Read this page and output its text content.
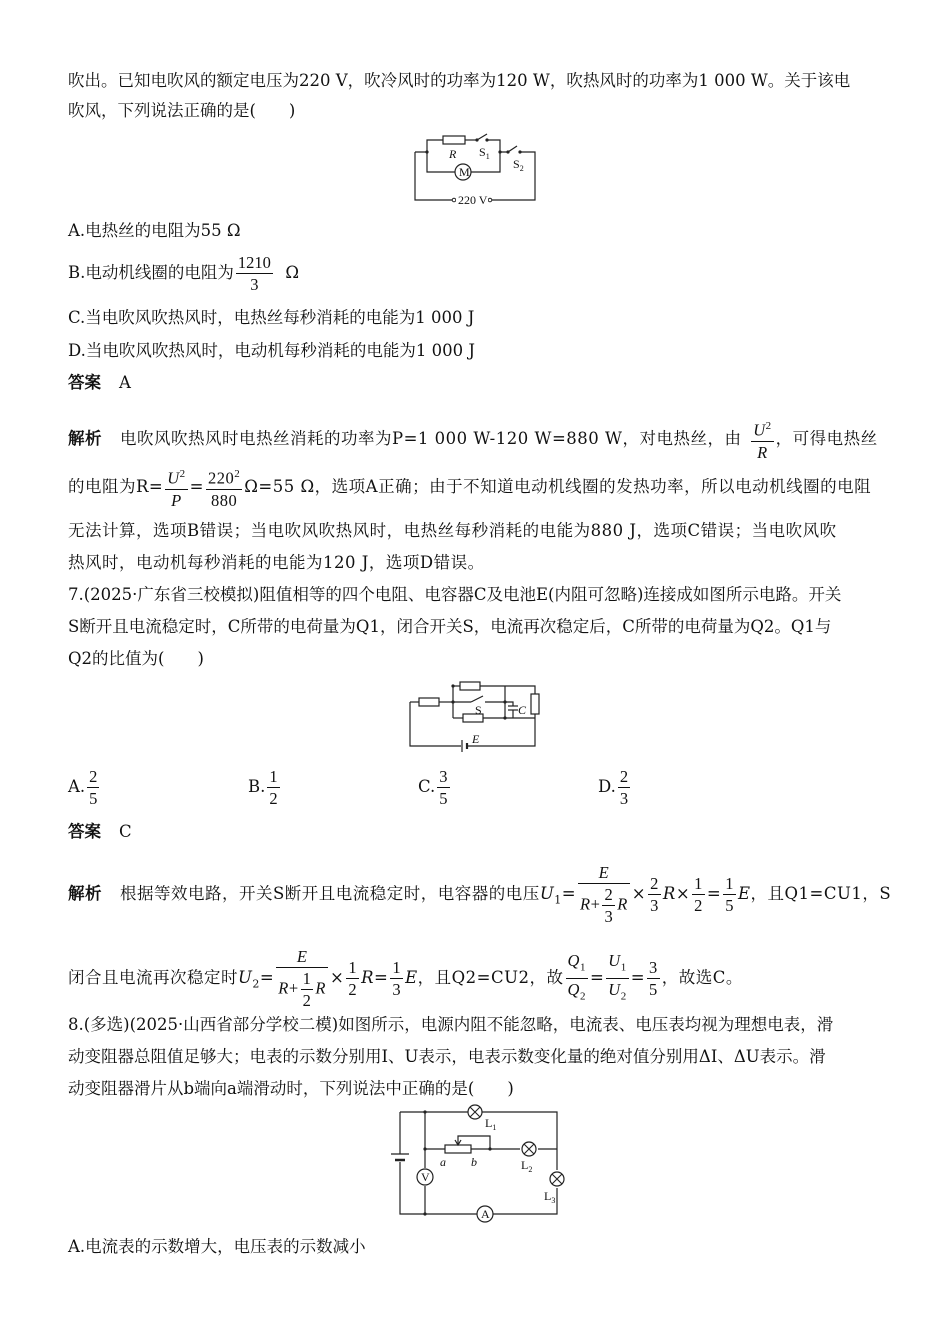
吹出。已知电吹风的额定电压为220 V，吹冷风时的功率为120 W，吹热风时的功率为1 000 W。关于该电
吹风，下列说法正确的是(　　)
R $S_1$
$S_2$
M
220 V
A.电热丝的电阻为55 Ω
B.电动机线圈的电阻为 $\frac{1210}{3}$ Ω
C.当电吹风吹热风时，电热丝每秒消耗的电能为1 000 J
D.当电吹风吹热风时，电动机每秒消耗的电能为1 000 J
答案 A
解析 电吹风吹热风时电热丝消耗的功率为P=1 000 W-120 W=880 W，对电热丝，由 $\frac{U^2}{R}$ ，可得电热丝
的电阻为$R= \frac{U^2}{P} = \frac{220^2}{880} \Omega=55$ Ω，选项A正确；由于不知道电动机线圈的发热功率，所以电动机线圈的电阻
无法计算，选项B错误；当电吹风吹热风时，电热丝每秒消耗的电能为880 J，选项C错误；当电吹风吹
热风时，电动机每秒消耗的电能为120 J，选项D错误。
7.(2025·广东省三校模拟)阻值相等的四个电阻、电容器C及电池E(内阻可忽略)连接成如图所示电路。开关
S断开且电流稳定时，C所带的电荷量为Q1，闭合开关S，电流再次稳定后，C所带的电荷量为Q2。Q1与
Q2的比值为(　　)
S	C
E
A. $\frac{2}{5}$	B. $\frac{1}{2}$	C. $\frac{3}{5}$	D. $\frac{2}{3}$
答案 C
解析 根据等效电路，开关S断开且电流稳定时，电容器的电压$U_1= \frac{E}{R+ \frac{2}{3} R} \times \frac{2}{3} R\times \frac{1}{2} = \frac{1}{5}$ E，且Q1=CU1，S
闭合且电流再次稳定时$U_2= \frac{E}{R+ \frac{1}{2} R} \times \frac{1}{2} R= \frac{1}{3}$ E，且Q2=CU2，故 $\frac{Q_1}{Q_2} = \frac{U_1}{U_2} = \frac{3}{5}$ ，故选C。
8.(多选)(2025·山西省部分学校二模)如图所示，电源内阻不能忽略，电流表、电压表均视为理想电表，滑
动变阻器总阻值足够大；电表的示数分别用I、U表示，电表示数变化量的绝对值分别用ΔI、ΔU表示。滑
动变阻器滑片从b端向a端滑动时，下列说法中正确的是(　　)
$L_1$
$L_2$
$L_3$
a b
V
A
A.电流表的示数增大，电压表的示数减小
